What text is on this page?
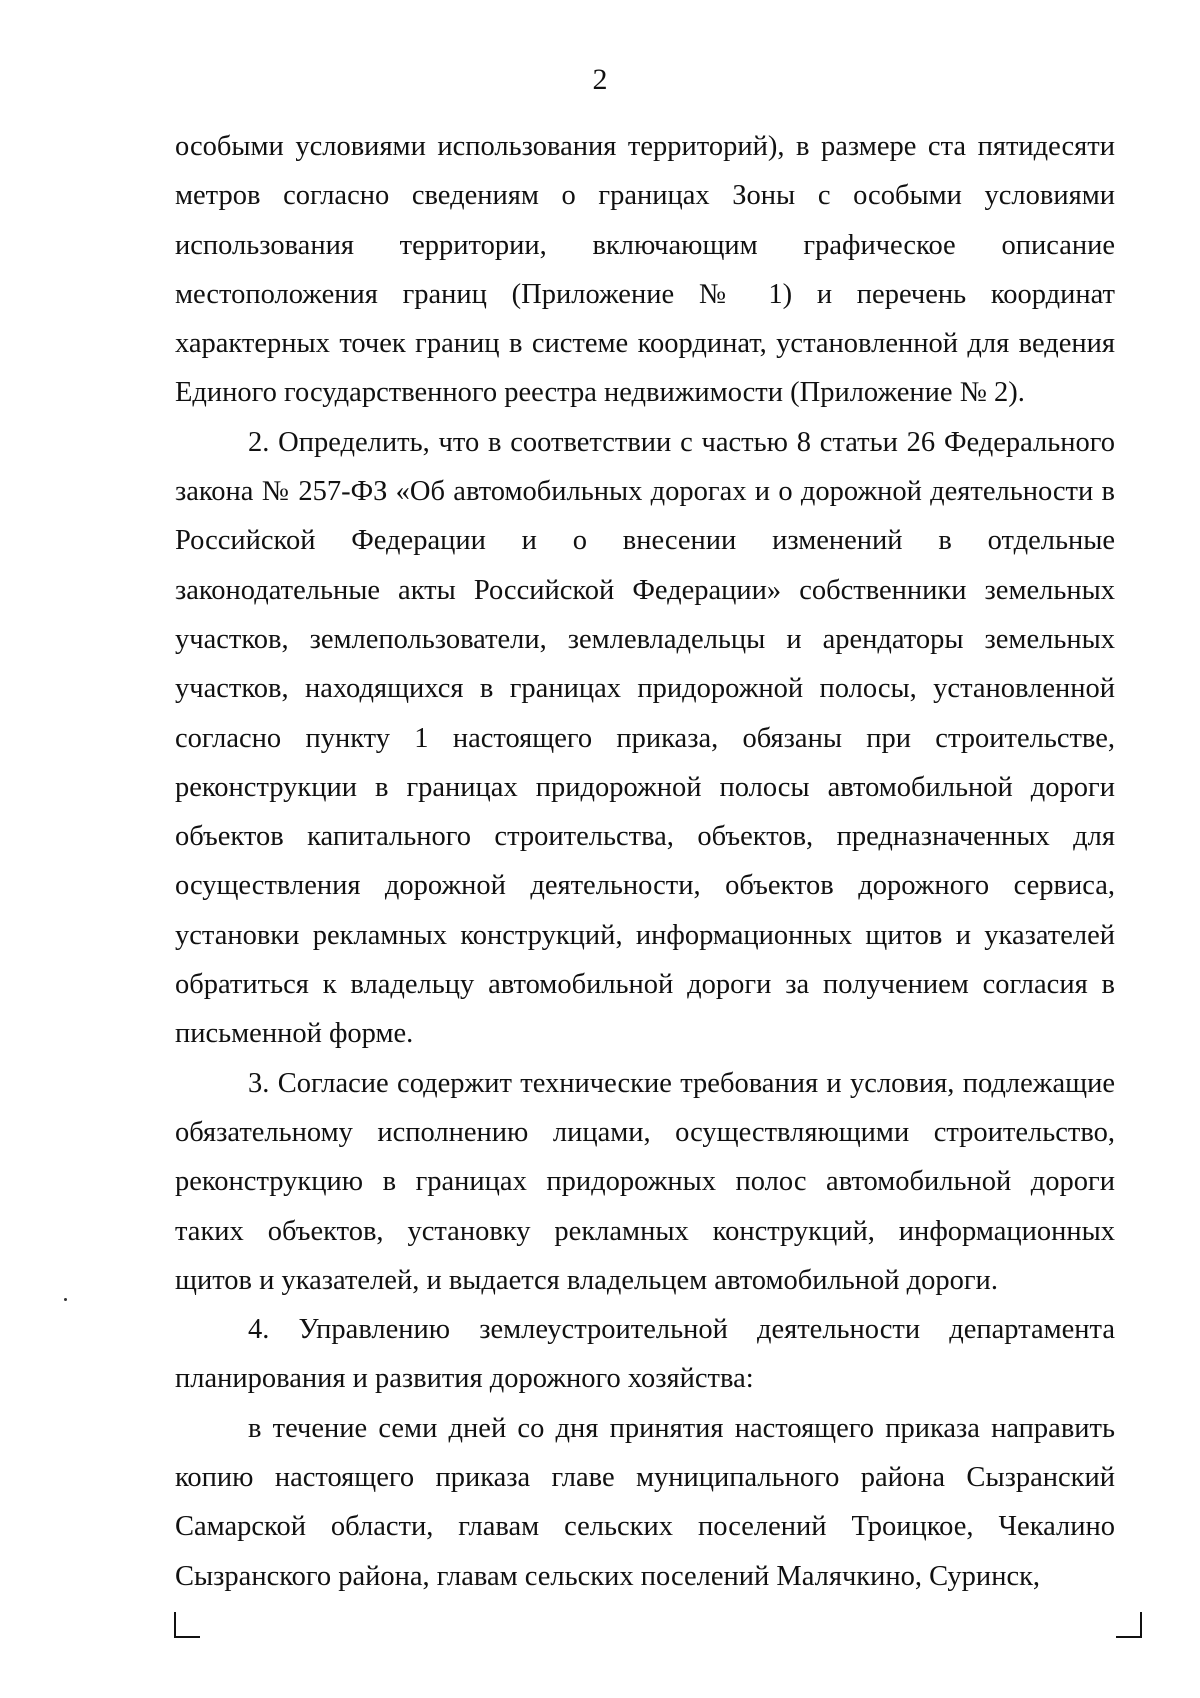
2

особыми условиями использования территорий), в размере ста пятидесяти метров согласно сведениям о границах Зоны с особыми условиями использования территории, включающим графическое описание местоположения границ (Приложение № 1) и перечень координат характерных точек границ в системе координат, установленной для ведения Единого государственного реестра недвижимости (Приложение № 2).

2. Определить, что в соответствии с частью 8 статьи 26 Федерального закона № 257-ФЗ «Об автомобильных дорогах и о дорожной деятельности в Российской Федерации и о внесении изменений в отдельные законодательные акты Российской Федерации» собственники земельных участков, землепользователи, землевладельцы и арендаторы земельных участков, находящихся в границах придорожной полосы, установленной согласно пункту 1 настоящего приказа, обязаны при строительстве, реконструкции в границах придорожной полосы автомобильной дороги объектов капитального строительства, объектов, предназначенных для осуществления дорожной деятельности, объектов дорожного сервиса, установки рекламных конструкций, информационных щитов и указателей обратиться к владельцу автомобильной дороги за получением согласия в письменной форме.

3. Согласие содержит технические требования и условия, подлежащие обязательному исполнению лицами, осуществляющими строительство, реконструкцию в границах придорожных полос автомобильной дороги таких объектов, установку рекламных конструкций, информационных щитов и указателей, и выдается владельцем автомобильной дороги.

4. Управлению землеустроительной деятельности департамента планирования и развития дорожного хозяйства:

в течение семи дней со дня принятия настоящего приказа направить копию настоящего приказа главе муниципального района Сызранский Самарской области, главам сельских поселений Троицкое, Чекалино Сызранского района, главам сельских поселений Малячкино, Суринск,
